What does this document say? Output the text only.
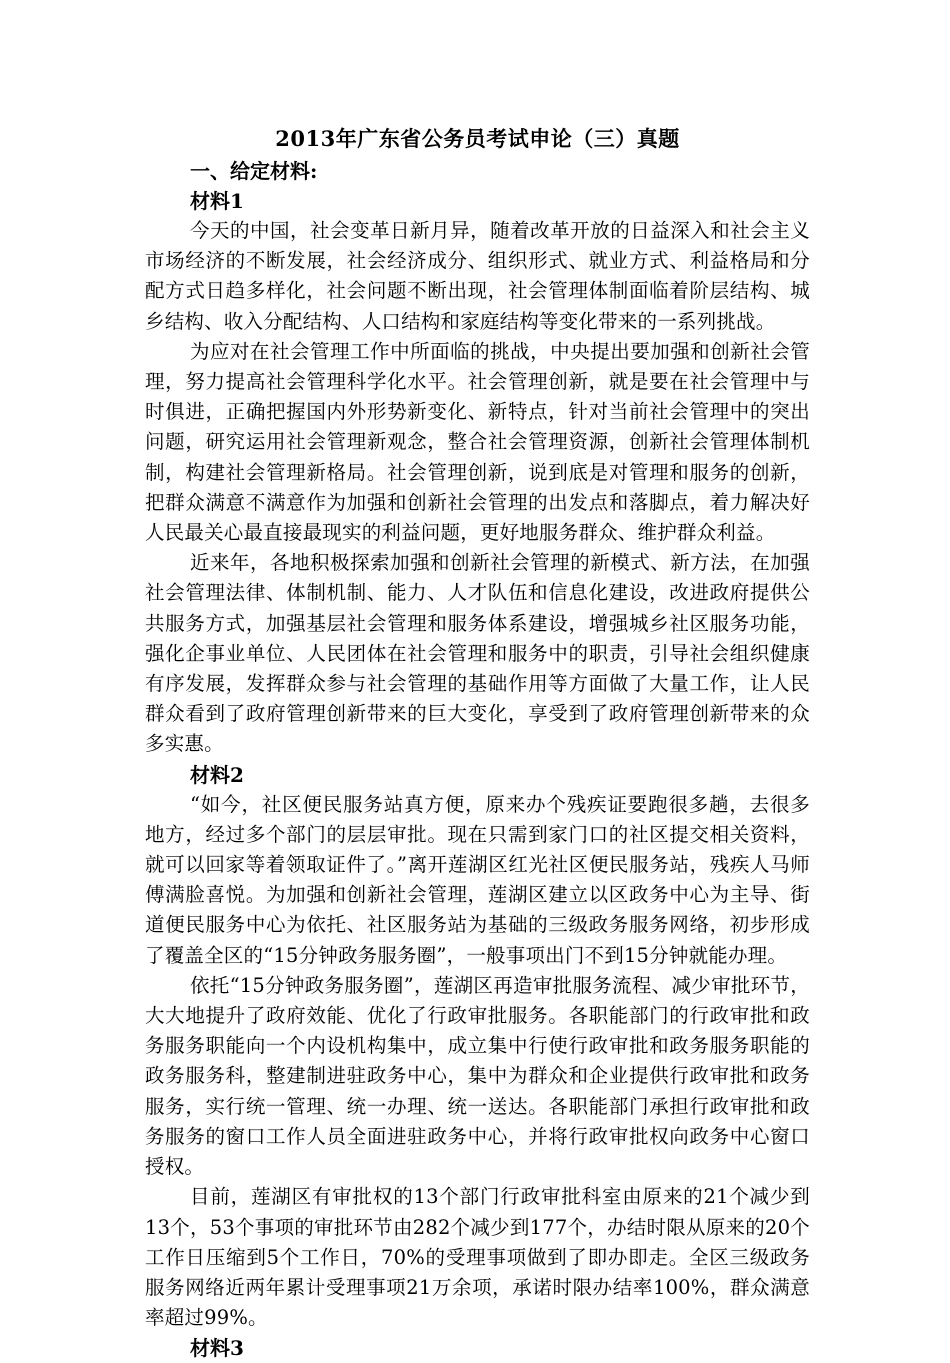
2013年广东省公务员考试申论（三）真题

一、给定材料:

材料1

今天的中国，社会变革日新月异，随着改革开放的日益深入和社会主义市场经济的不断发展，社会经济成分、组织形式、就业方式、利益格局和分配方式日趋多样化，社会问题不断出现，社会管理体制面临着阶层结构、城乡结构、收入分配结构、人口结构和家庭结构等变化带来的一系列挑战。

为应对在社会管理工作中所面临的挑战，中央提出要加强和创新社会管理，努力提高社会管理科学化水平。社会管理创新，就是要在社会管理中与时俱进，正确把握国内外形势新变化、新特点，针对当前社会管理中的突出问题，研究运用社会管理新观念，整合社会管理资源，创新社会管理体制机制，构建社会管理新格局。社会管理创新，说到底是对管理和服务的创新，把群众满意不满意作为加强和创新社会管理的出发点和落脚点，着力解决好人民最关心最直接最现实的利益问题，更好地服务群众、维护群众利益。

近来年，各地积极探索加强和创新社会管理的新模式、新方法，在加强社会管理法律、体制机制、能力、人才队伍和信息化建设，改进政府提供公共服务方式，加强基层社会管理和服务体系建设，增强城乡社区服务功能，强化企事业单位、人民团体在社会管理和服务中的职责，引导社会组织健康有序发展，发挥群众参与社会管理的基础作用等方面做了大量工作，让人民群众看到了政府管理创新带来的巨大变化，享受到了政府管理创新带来的众多实惠。

材料2

“如今，社区便民服务站真方便，原来办个残疾证要跑很多趟，去很多地方，经过多个部门的层层审批。现在只需到家门口的社区提交相关资料，就可以回家等着领取证件了。”离开莲湖区红光社区便民服务站，残疾人马师傅满脸喜悦。为加强和创新社会管理，莲湖区建立以区政务中心为主导、街道便民服务中心为依托、社区服务站为基础的三级政务服务网络，初步形成了覆盖全区的“15分钟政务服务圈”，一般事项出门不到15分钟就能办理。

依托“15分钟政务服务圈”，莲湖区再造审批服务流程、减少审批环节，大大地提升了政府效能、优化了行政审批服务。各职能部门的行政审批和政务服务职能向一个内设机构集中，成立集中行使行政审批和政务服务职能的政务服务科，整建制进驻政务中心，集中为群众和企业提供行政审批和政务服务，实行统一管理、统一办理、统一送达。各职能部门承担行政审批和政务服务的窗口工作人员全面进驻政务中心，并将行政审批权向政务中心窗口授权。

目前，莲湖区有审批权的13个部门行政审批科室由原来的21个减少到13个，53个事项的审批环节由282个减少到177个，办结时限从原来的20个工作日压缩到5个工作日，70%的受理事项做到了即办即走。全区三级政务服务网络近两年累计受理事项21万余项，承诺时限办结率100%，群众满意率超过99%。

材料3
